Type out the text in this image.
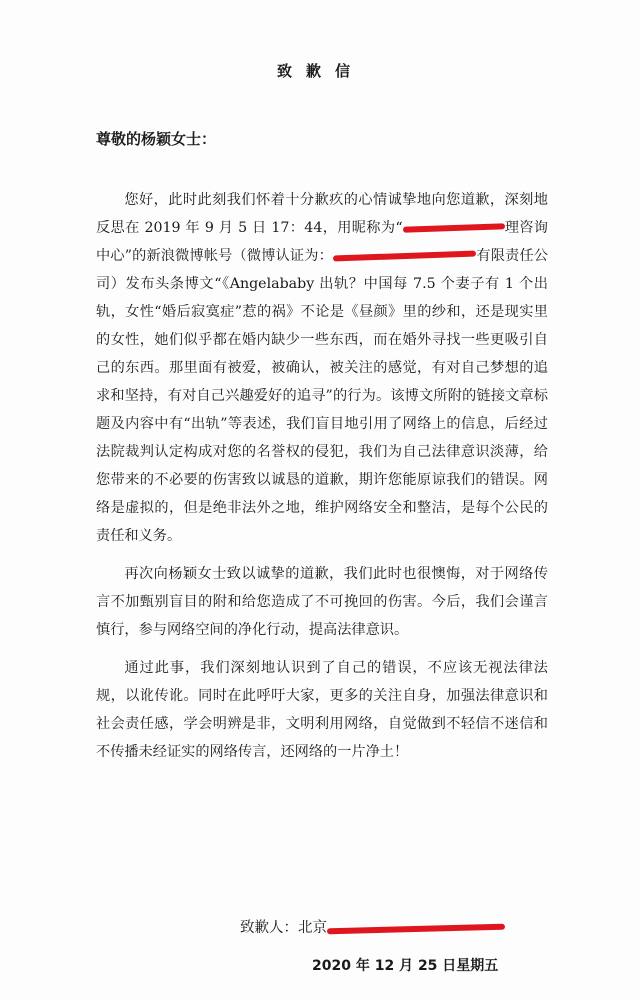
致歉信
尊敬的杨颖女士：

您好，此时此刻我们怀着十分歉疚的心情诚挚地向您道歉，深刻地反思在 2019 年 9 月 5 日 17：44，用昵称为“	理咨询中心”的新浪微博帐号（微博认证为：	有限责任公司）发布头条博文“《Angelababy 出轨？中国每 7.5 个妻子有 1 个出轨，女性“婚后寂寞症”惹的祸》不论是《昼颜》里的纱和，还是现实里的女性，她们似乎都在婚内缺少一些东西，而在婚外寻找一些更吸引自己的东西。那里面有被爱，被确认，被关注的感觉，有对自己梦想的追求和坚持，有对自己兴趣爱好的追寻”的行为。该博文所附的链接文章标题及内容中有“出轨”等表述，我们盲目地引用了网络上的信息，后经过法院裁判认定构成对您的名誉权的侵犯，我们为自己法律意识淡薄，给您带来的不必要的伤害致以诚恳的道歉，期许您能原谅我们的错误。网络是虚拟的，但是绝非法外之地，维护网络安全和整洁，是每个公民的责任和义务。

再次向杨颖女士致以诚挚的道歉，我们此时也很懊悔，对于网络传言不加甄别盲目的附和给您造成了不可挽回的伤害。今后，我们会谨言慎行，参与网络空间的净化行动，提高法律意识。

通过此事，我们深刻地认识到了自己的错误，不应该无视法律法规，以讹传讹。同时在此呼吁大家，更多的关注自身，加强法律意识和社会责任感，学会明辨是非，文明利用网络，自觉做到不轻信不迷信和不传播未经证实的网络传言，还网络的一片净土！

致歉人：北京
2020 年 12 月 25 日星期五
